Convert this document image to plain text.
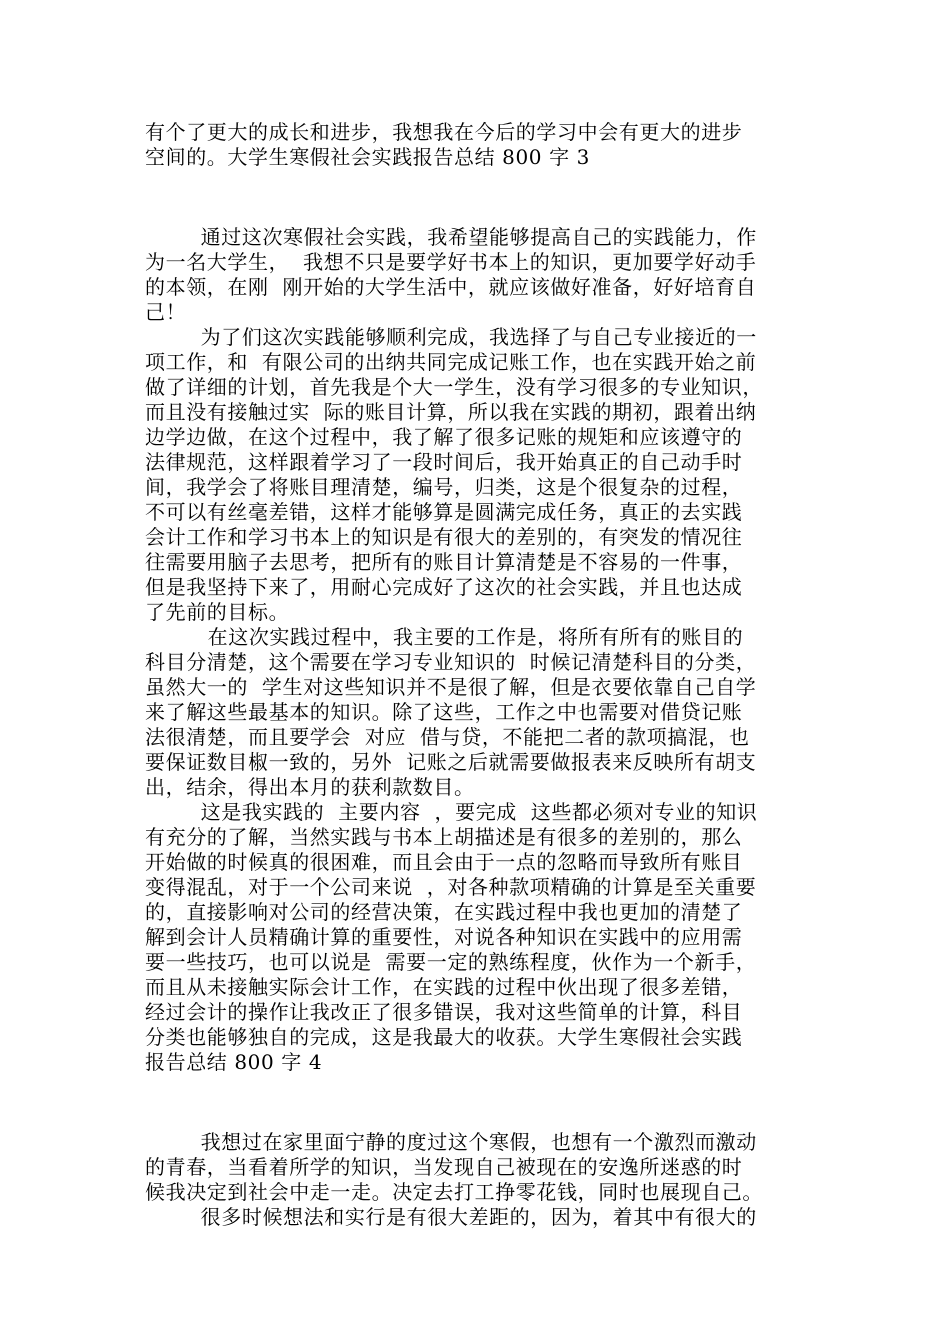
有个了更大的成长和进步，我想我在今后的学习中会有更大的进步
空间的。大学生寒假社会实践报告总结 800 字 3
通过这次寒假社会实践，我希望能够提高自己的实践能力，作
为一名大学生，  我想不只是要学好书本上的知识，更加要学好动手
的本领，在刚  刚开始的大学生活中，就应该做好准备，好好培育自
己！
为了们这次实践能够顺利完成，我选择了与自己专业接近的一
项工作，和  有限公司的出纳共同完成记账工作，也在实践开始之前
做了详细的计划，首先我是个大一学生，没有学习很多的专业知识，
而且没有接触过实  际的账目计算，所以我在实践的期初，跟着出纳
边学边做，在这个过程中，我了解了很多记账的规矩和应该遵守的
法律规范，这样跟着学习了一段时间后，我开始真正的自己动手时
间，我学会了将账目理清楚，编号，归类，这是个很复杂的过程，
不可以有丝毫差错，这样才能够算是圆满完成任务，真正的去实践
会计工作和学习书本上的知识是有很大的差别的，有突发的情况往
往需要用脑子去思考，把所有的账目计算清楚是不容易的一件事，
但是我坚持下来了，用耐心完成好了这次的社会实践，并且也达成
了先前的目标。
在这次实践过程中，我主要的工作是，将所有所有的账目的
科目分清楚，这个需要在学习专业知识的  时候记清楚科目的分类，
虽然大一的  学生对这些知识并不是很了解，但是衣要依靠自己自学
来了解这些最基本的知识。除了这些，工作之中也需要对借贷记账
法很清楚，而且要学会  对应  借与贷，不能把二者的款项搞混，也
要保证数目椒一致的，另外  记账之后就需要做报表来反映所有胡支
出，结余，得出本月的获利款数目。
这是我实践的  主要内容  ，要完成  这些都必须对专业的知识
有充分的了解，当然实践与书本上胡描述是有很多的差别的，那么
开始做的时候真的很困难，而且会由于一点的忽略而导致所有账目
变得混乱，对于一个公司来说  ，对各种款项精确的计算是至关重要
的，直接影响对公司的经营决策，在实践过程中我也更加的清楚了
解到会计人员精确计算的重要性，对说各种知识在实践中的应用需
要一些技巧，也可以说是  需要一定的熟练程度，伙作为一个新手，
而且从未接触实际会计工作，在实践的过程中伙出现了很多差错，
经过会计的操作让我改正了很多错误，我对这些简单的计算，科目
分类也能够独自的完成，这是我最大的收获。大学生寒假社会实践
报告总结 800 字 4
我想过在家里面宁静的度过这个寒假，也想有一个激烈而激动
的青春，当看着所学的知识，当发现自己被现在的安逸所迷惑的时
候我决定到社会中走一走。决定去打工挣零花钱，同时也展现自己。
很多时候想法和实行是有很大差距的，因为，着其中有很大的
